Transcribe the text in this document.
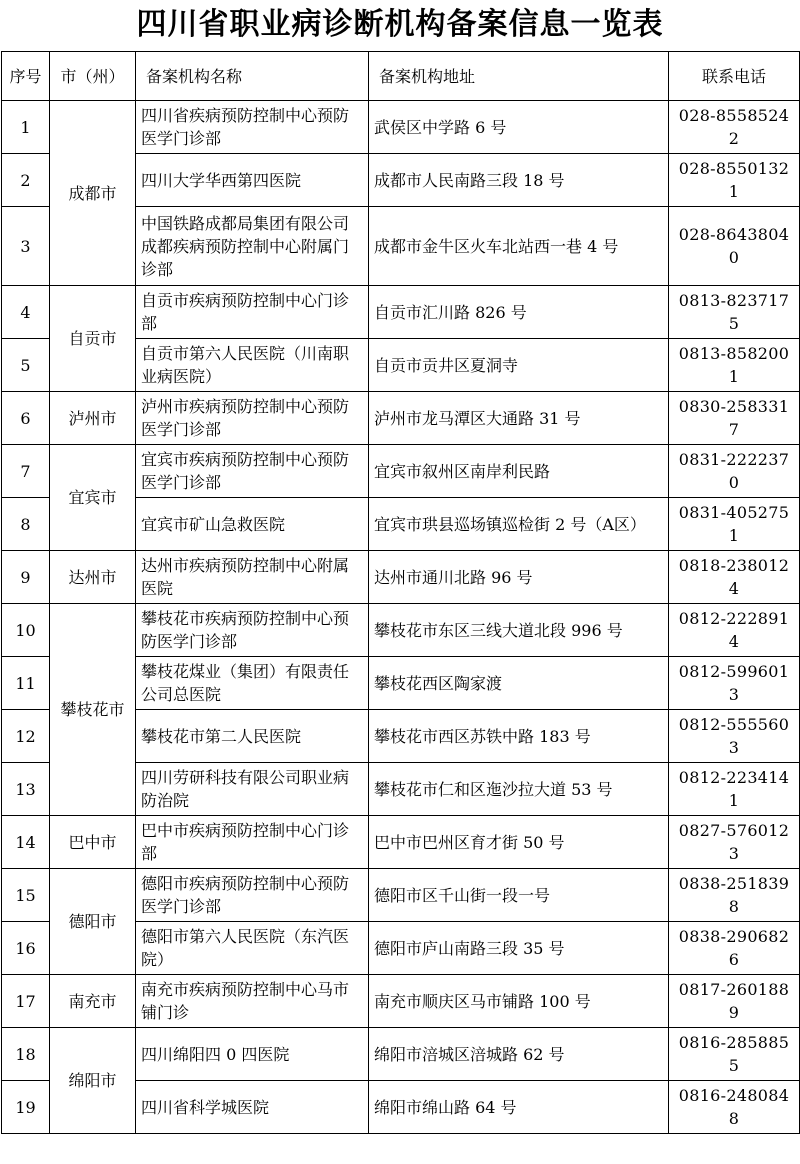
四川省职业病诊断机构备案信息一览表
序号	市（州）	备案机构名称	备案机构地址	联系电话
1	成都市	四川省疾病预防控制中心预防医学门诊部	武侯区中学路 6 号	028-85585242
2		四川大学华西第四医院	成都市人民南路三段 18 号	028-85501321
3		中国铁路成都局集团有限公司成都疾病预防控制中心附属门诊部	成都市金牛区火车北站西一巷 4 号	028-86438040
4	自贡市	自贡市疾病预防控制中心门诊部	自贡市汇川路 826 号	0813-8237175
5		自贡市第六人民医院（川南职业病医院）	自贡市贡井区夏洞寺	0813-8582001
6	泸州市	泸州市疾病预防控制中心预防医学门诊部	泸州市龙马潭区大通路 31 号	0830-2583317
7	宜宾市	宜宾市疾病预防控制中心预防医学门诊部	宜宾市叙州区南岸利民路	0831-2222370
8		宜宾市矿山急救医院	宜宾市珙县巡场镇巡检街 2 号（A区）	0831-4052751
9	达州市	达州市疾病预防控制中心附属医院	达州市通川北路 96 号	0818-2380124
10	攀枝花市	攀枝花市疾病预防控制中心预防医学门诊部	攀枝花市东区三线大道北段 996 号	0812-2228914
11		攀枝花煤业（集团）有限责任公司总医院	攀枝花西区陶家渡	0812-5996013
12		攀枝花市第二人民医院	攀枝花市西区苏铁中路 183 号	0812-5555603
13		四川劳研科技有限公司职业病防治院	攀枝花市仁和区迤沙拉大道 53 号	0812-2234141
14	巴中市	巴中市疾病预防控制中心门诊部	巴中市巴州区育才街 50 号	0827-5760123
15	德阳市	德阳市疾病预防控制中心预防医学门诊部	德阳市区千山街一段一号	0838-2518398
16		德阳市第六人民医院（东汽医院）	德阳市庐山南路三段 35 号	0838-2906826
17	南充市	南充市疾病预防控制中心马市铺门诊	南充市顺庆区马市铺路 100 号	0817-2601889
18	绵阳市	四川绵阳四 0 四医院	绵阳市涪城区涪城路 62 号	0816-2858855
19		四川省科学城医院	绵阳市绵山路 64 号	0816-2480848
